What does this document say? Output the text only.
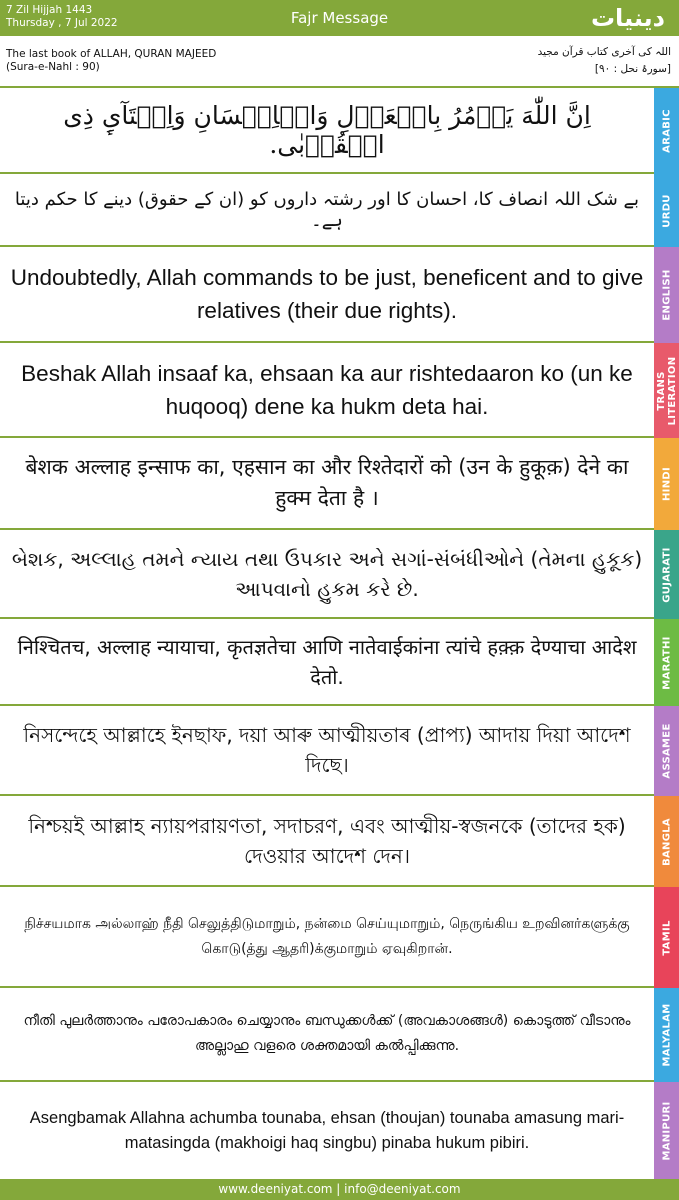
7 Zil Hijjah 1443
Thursday , 7 Jul 2022	Fajr Message	دینیات
The last book of ALLAH, QURAN MAJEED
(Sura-e-Nahl : 90)
اللہ کی آخری کتاب قرآن مجید
[سورۂ نحل : ۹۰]
اِنَّ اللّٰهَ يَاۡمُرُ بِالۡعَدۡلِ وَالۡاِحۡسَانِ وَاِيۡتَآىِٕ ذِى الۡقُرۡبٰى.	ARABIC
بے شک اللہ انصاف کا، احسان کا اور رشتہ داروں کو (ان کے حقوق) دینے کا حکم دیتا ہے۔	URDU
Undoubtedly, Allah commands to be just, beneficent and to give relatives (their due rights).	ENGLISH
Beshak Allah insaaf ka, ehsaan ka aur rishtedaaron ko (un ke huqooq) dene ka hukm deta hai.	TRANS LITERATION
बेशक अल्लाह इन्साफ का, एहसान का और रिश्तेदारों को (उन के हुकूक़) देने का हुक्म देता है ।	HINDI
બેશક, અલ્લાહ તમને ન્યાય તથા ઉપકાર અને સગાં-સંબંધીઓને (તેમના હુકૂક) આપવાનો હુકમ કરે છે.	GUJARATI
निश्चितच, अल्लाह न्यायाचा, कृतज्ञतेचा आणि नातेवाईकांना त्यांचे हक़्क़ देण्याचा आदेश देतो.	MARATHI
নিসন্দেহে আল্লাহে ইনছাফ, দয়া আৰু আত্মীয়তাৰ (প্ৰাপ্য) আদায় দিয়া আদেশ দিছে।	ASSAMEE
নিশ্চয়ই আল্লাহ ন্যায়পরায়ণতা, সদাচরণ, এবং আত্মীয়-স্বজনকে (তাদের হক) দেওয়ার আদেশ দেন।	BANGLA
நிச்சயமாக அல்லாஹ் நீதி செலுத்திடுமாறும், நன்மை செய்யுமாறும், நெருங்கிய உறவினர்களுக்கு கொடு(த்து ஆதரி)க்குமாறும் ஏவுகிறான்.	TAMIL
നീതി പുലർത്താനും പരോപകാരം ചെയ്യാനും ബന്ധുക്കൾക്ക് (അവകാശങ്ങൾ) കൊടുത്ത് വീടാനും അല്ലാഹു വളരെ ശക്തമായി കൽപ്പിക്കുന്നു.	MALYALAM
Asengbamak Allahna achumba tounaba, ehsan (thoujan) tounaba amasung mari-matasingda (makhoigi haq singbu) pinaba hukum pibiri.	MANIPURI
www.deeniyat.com | info@deeniyat.com
